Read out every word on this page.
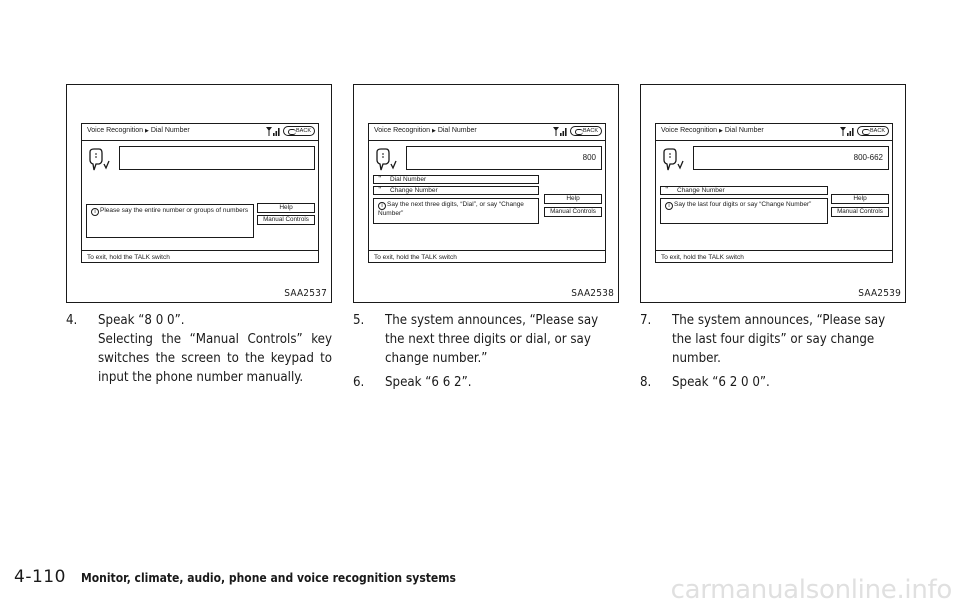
Voice Recognition ▶ Dial Number	BACK
Help
Manual Controls
i Please say the entire number or groups of numbers
To exit, hold the TALK switch
SAA2537
Voice Recognition ▶ Dial Number	BACK
800
‟ Dial Number
‟ Change Number
Help
Manual Controls
i Say the next three digits, “Dial”, or say “Change Number”
To exit, hold the TALK switch
SAA2538
Voice Recognition ▶ Dial Number	BACK
800-662
‟ Change Number
Help
Manual Controls
i Say the last four digits or say “Change Number”
To exit, hold the TALK switch
SAA2539
4. Speak “8 0 0”.
Selecting the “Manual Controls” key switches the screen to the keypad to input the phone number manually.
5. The system announces, “Please say the next three digits or dial, or say change number.”
6. Speak “6 6 2”.
7. The system announces, “Please say the last four digits” or say change number.
8. Speak “6 2 0 0”.
4-110 Monitor, climate, audio, phone and voice recognition systems	carmanualsonline.info
